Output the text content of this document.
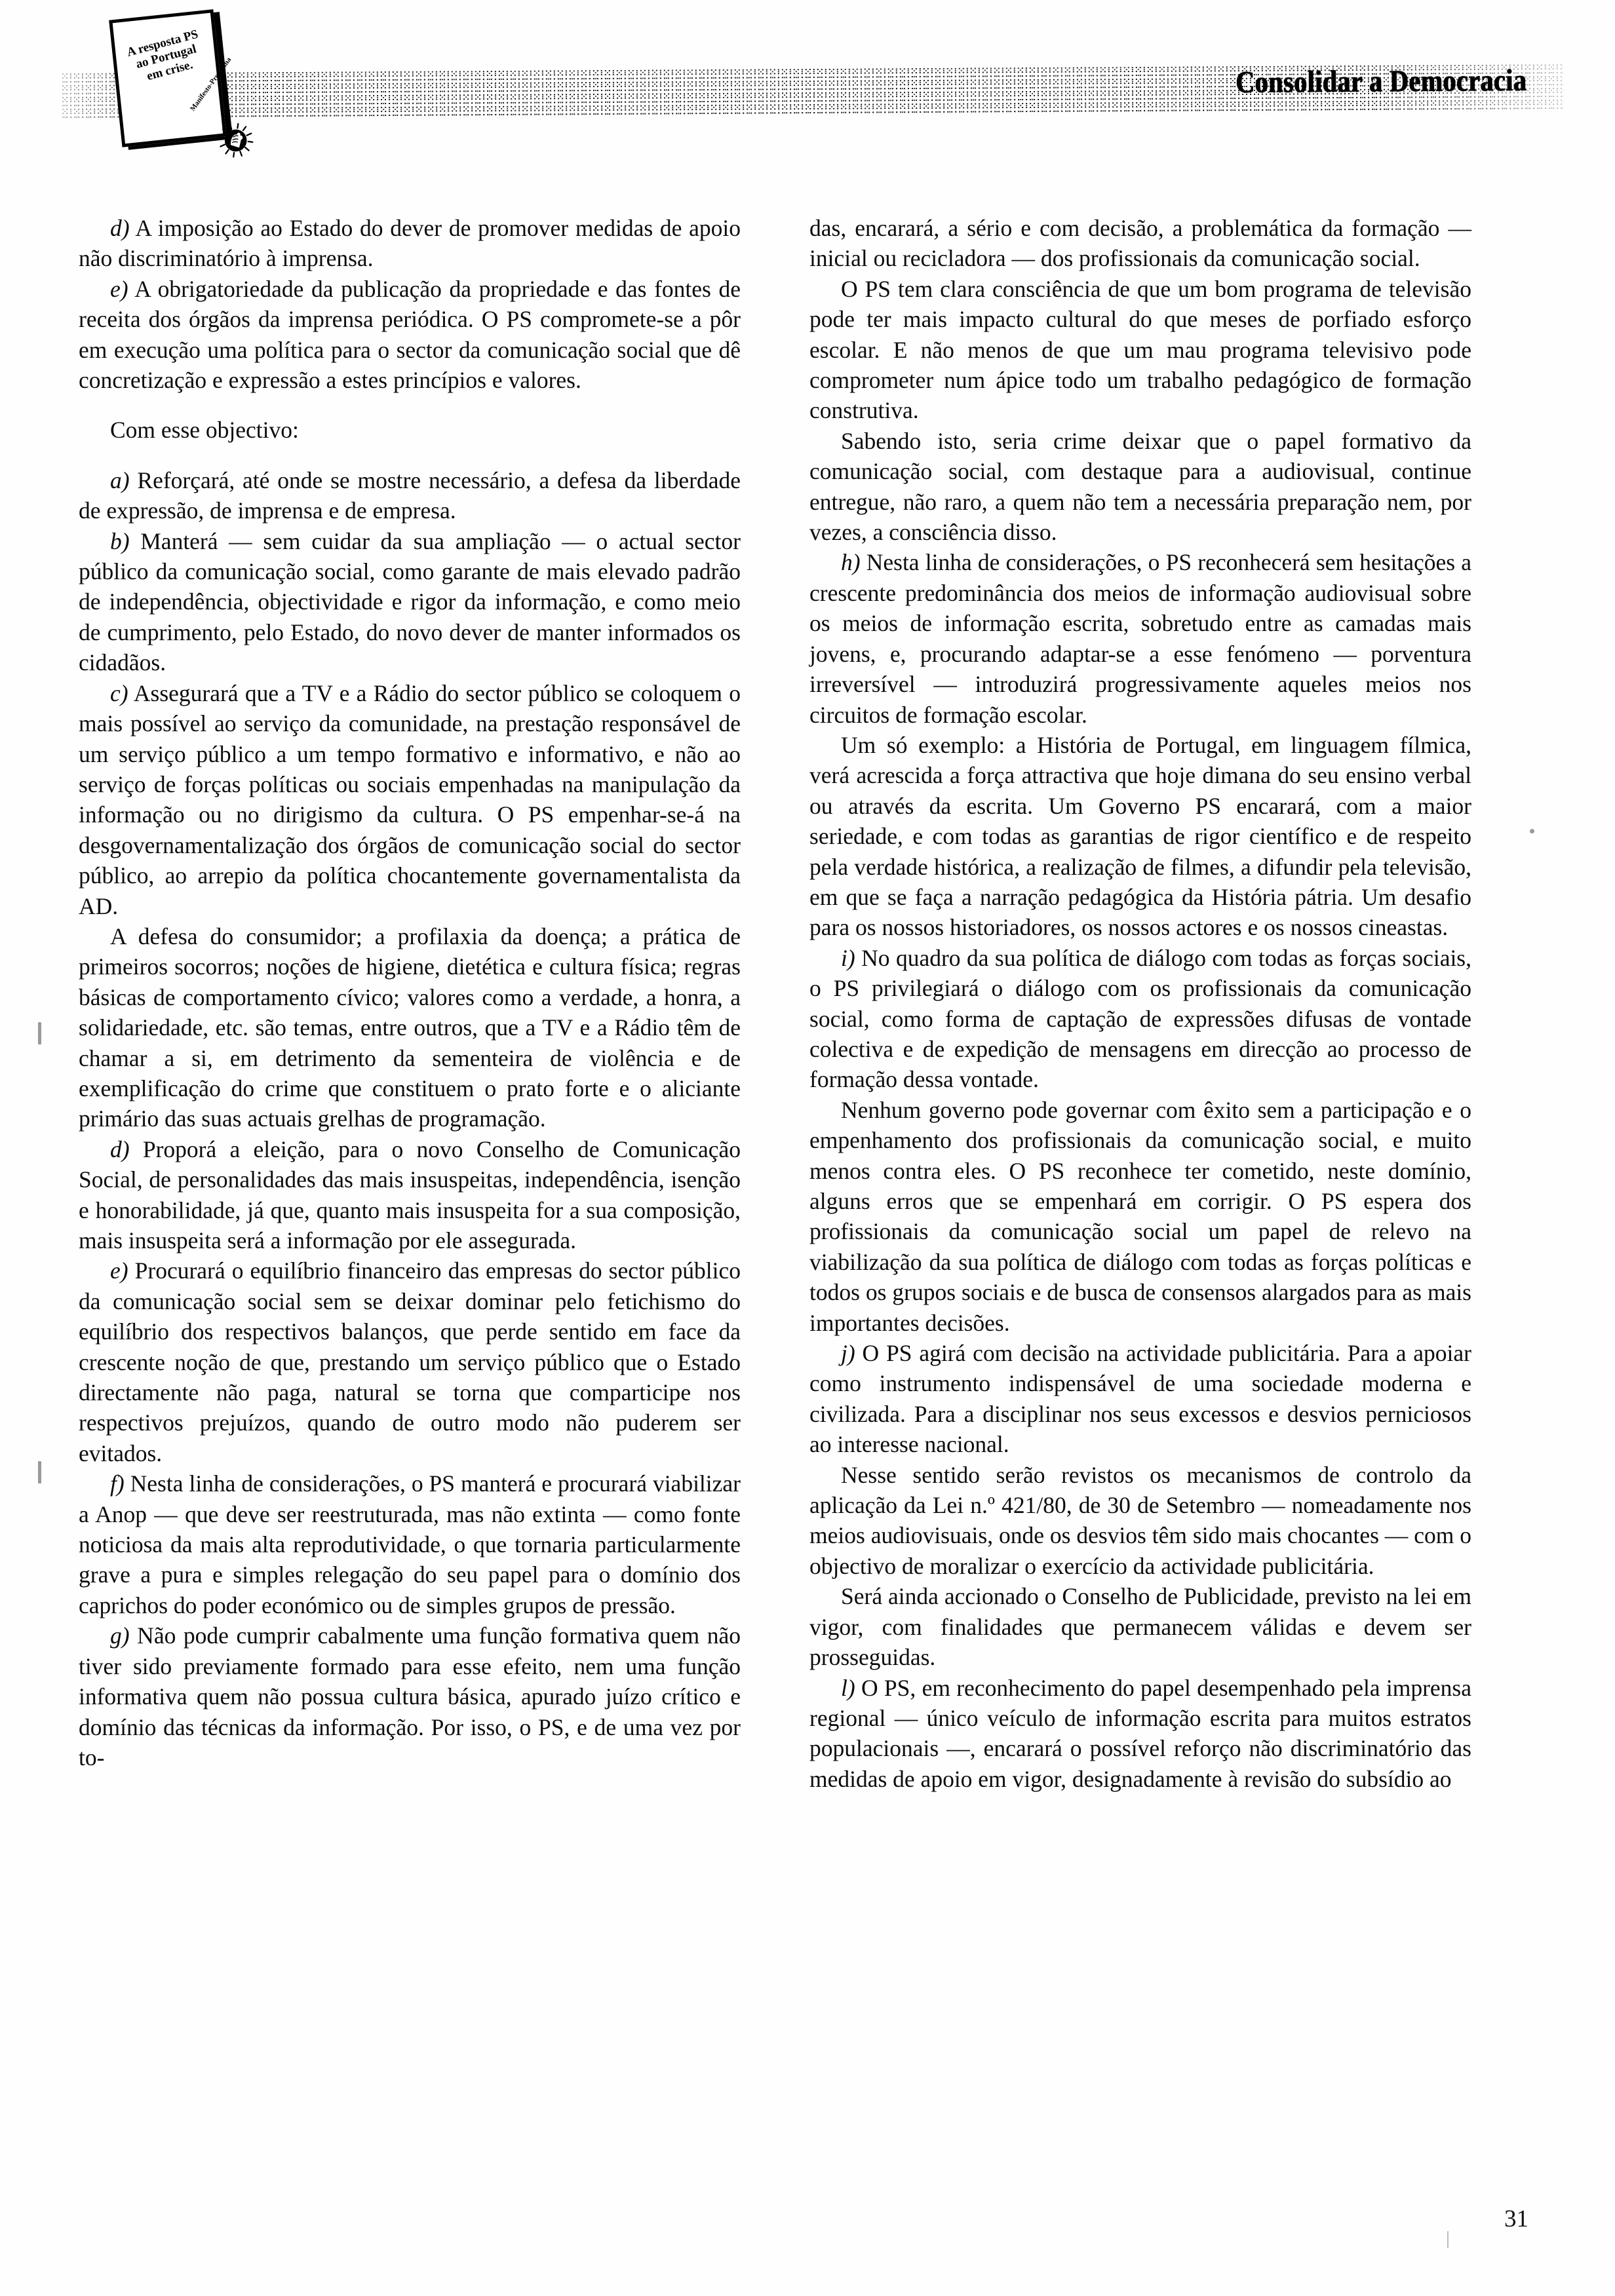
A resposta PS
ao Portugal
em crise.
Manifesto-Programa	Consolidar a Democracia

d) A imposição ao Estado do dever de promover medidas de apoio não discriminatório à imprensa.

e) A obrigatoriedade da publicação da propriedade e das fontes de receita dos órgãos da imprensa periódica. O PS compromete-se a pôr em execução uma política para o sector da comunicação social que dê concretização e expressão a estes princípios e valores.

Com esse objectivo:

a) Reforçará, até onde se mostre necessário, a defesa da liberdade de expressão, de imprensa e de empresa.

b) Manterá — sem cuidar da sua ampliação — o actual sector público da comunicação social, como garante de mais elevado padrão de independência, objectividade e rigor da informação, e como meio de cumprimento, pelo Estado, do novo dever de manter informados os cidadãos.

c) Assegurará que a TV e a Rádio do sector público se coloquem o mais possível ao serviço da comunidade, na prestação responsável de um serviço público a um tempo formativo e informativo, e não ao serviço de forças políticas ou sociais empenhadas na manipulação da informação ou no dirigismo da cultura. O PS empenhar-se-á na desgovernamentalização dos órgãos de comunicação social do sector público, ao arrepio da política chocantemente governamentalista da AD.

A defesa do consumidor; a profilaxia da doença; a prática de primeiros socorros; noções de higiene, dietética e cultura física; regras básicas de comportamento cívico; valores como a verdade, a honra, a solidariedade, etc. são temas, entre outros, que a TV e a Rádio têm de chamar a si, em detrimento da sementeira de violência e de exemplificação do crime que constituem o prato forte e o aliciante primário das suas actuais grelhas de programação.

d) Proporá a eleição, para o novo Conselho de Comunicação Social, de personalidades das mais insuspeitas, independência, isenção e honorabilidade, já que, quanto mais insuspeita for a sua composição, mais insuspeita será a informação por ele assegurada.

e) Procurará o equilíbrio financeiro das empresas do sector público da comunicação social sem se deixar dominar pelo fetichismo do equilíbrio dos respectivos balanços, que perde sentido em face da crescente noção de que, prestando um serviço público que o Estado directamente não paga, natural se torna que comparticipe nos respectivos prejuízos, quando de outro modo não puderem ser evitados.

f) Nesta linha de considerações, o PS manterá e procurará viabilizar a Anop — que deve ser reestruturada, mas não extinta — como fonte noticiosa da mais alta reprodutividade, o que tornaria particularmente grave a pura e simples relegação do seu papel para o domínio dos caprichos do poder económico ou de simples grupos de pressão.

g) Não pode cumprir cabalmente uma função formativa quem não tiver sido previamente formado para esse efeito, nem uma função informativa quem não possua cultura básica, apurado juízo crítico e domínio das técnicas da informação. Por isso, o PS, e de uma vez por to-

das, encarará, a sério e com decisão, a problemática da formação — inicial ou recicladora — dos profissionais da comunicação social.

O PS tem clara consciência de que um bom programa de televisão pode ter mais impacto cultural do que meses de porfiado esforço escolar. E não menos de que um mau programa televisivo pode comprometer num ápice todo um trabalho pedagógico de formação construtiva.

Sabendo isto, seria crime deixar que o papel formativo da comunicação social, com destaque para a audiovisual, continue entregue, não raro, a quem não tem a necessária preparação nem, por vezes, a consciência disso.

h) Nesta linha de considerações, o PS reconhecerá sem hesitações a crescente predominância dos meios de informação audiovisual sobre os meios de informação escrita, sobretudo entre as camadas mais jovens, e, procurando adaptar-se a esse fenómeno — porventura irreversível — introduzirá progressivamente aqueles meios nos circuitos de formação escolar.

Um só exemplo: a História de Portugal, em linguagem fílmica, verá acrescida a força attractiva que hoje dimana do seu ensino verbal ou através da escrita. Um Governo PS encarará, com a maior seriedade, e com todas as garantias de rigor científico e de respeito pela verdade histórica, a realização de filmes, a difundir pela televisão, em que se faça a narração pedagógica da História pátria. Um desafio para os nossos historiadores, os nossos actores e os nossos cineastas.

i) No quadro da sua política de diálogo com todas as forças sociais, o PS privilegiará o diálogo com os profissionais da comunicação social, como forma de captação de expressões difusas de vontade colectiva e de expedição de mensagens em direcção ao processo de formação dessa vontade.

Nenhum governo pode governar com êxito sem a participação e o empenhamento dos profissionais da comunicação social, e muito menos contra eles. O PS reconhece ter cometido, neste domínio, alguns erros que se empenhará em corrigir. O PS espera dos profissionais da comunicação social um papel de relevo na viabilização da sua política de diálogo com todas as forças políticas e todos os grupos sociais e de busca de consensos alargados para as mais importantes decisões.

j) O PS agirá com decisão na actividade publicitária. Para a apoiar como instrumento indispensável de uma sociedade moderna e civilizada. Para a disciplinar nos seus excessos e desvios perniciosos ao interesse nacional.

Nesse sentido serão revistos os mecanismos de controlo da aplicação da Lei n.º 421/80, de 30 de Setembro — nomeadamente nos meios audiovisuais, onde os desvios têm sido mais chocantes — com o objectivo de moralizar o exercício da actividade publicitária.

Será ainda accionado o Conselho de Publicidade, previsto na lei em vigor, com finalidades que permanecem válidas e devem ser prosseguidas.

l) O PS, em reconhecimento do papel desempenhado pela imprensa regional — único veículo de informação escrita para muitos estratos populacionais —, encarará o possível reforço não discriminatório das medidas de apoio em vigor, designadamente à revisão do subsídio ao

31
